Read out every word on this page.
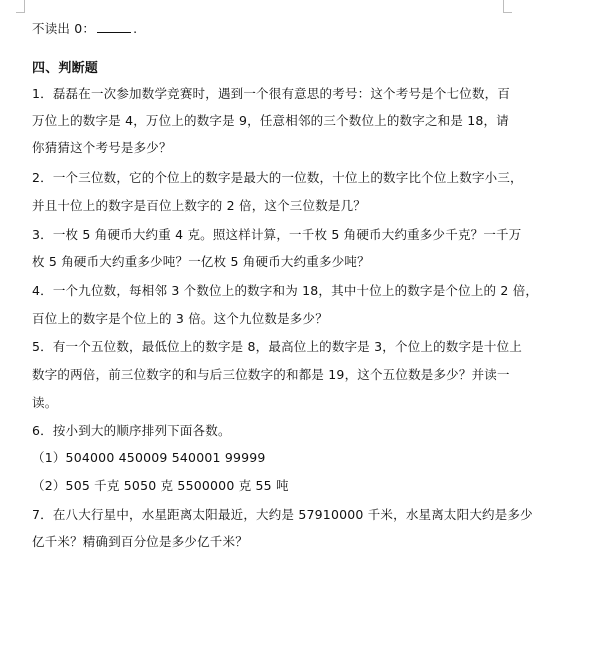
不读出 0：	.
四、判断题
1．磊磊在一次参加数学竞赛时，遇到一个很有意思的考号：这个考号是个七位数，百
万位上的数字是 4，万位上的数字是 9，任意相邻的三个数位上的数字之和是 18，请
你猜猜这个考号是多少？
2．一个三位数，它的个位上的数字是最大的一位数，十位上的数字比个位上数字小三，
并且十位上的数字是百位上数字的 2 倍，这个三位数是几？
3．一枚 5 角硬币大约重 4 克。照这样计算，一千枚 5 角硬币大约重多少千克？一千万
枚 5 角硬币大约重多少吨？一亿枚 5 角硬币大约重多少吨？
4．一个九位数，每相邻 3 个数位上的数字和为 18，其中十位上的数字是个位上的 2 倍，
百位上的数字是个位上的 3 倍。这个九位数是多少？
5．有一个五位数，最低位上的数字是 8，最高位上的数字是 3，个位上的数字是十位上
数字的两倍，前三位数字的和与后三位数字的和都是 19，这个五位数是多少？并读一
读。
6．按小到大的顺序排列下面各数。
（1）504000 450009 540001 99999
（2）505 千克 5050 克 5500000 克 55 吨
7．在八大行星中，水星距离太阳最近，大约是 57910000 千米，水星离太阳大约是多少
亿千米？精确到百分位是多少亿千米？
